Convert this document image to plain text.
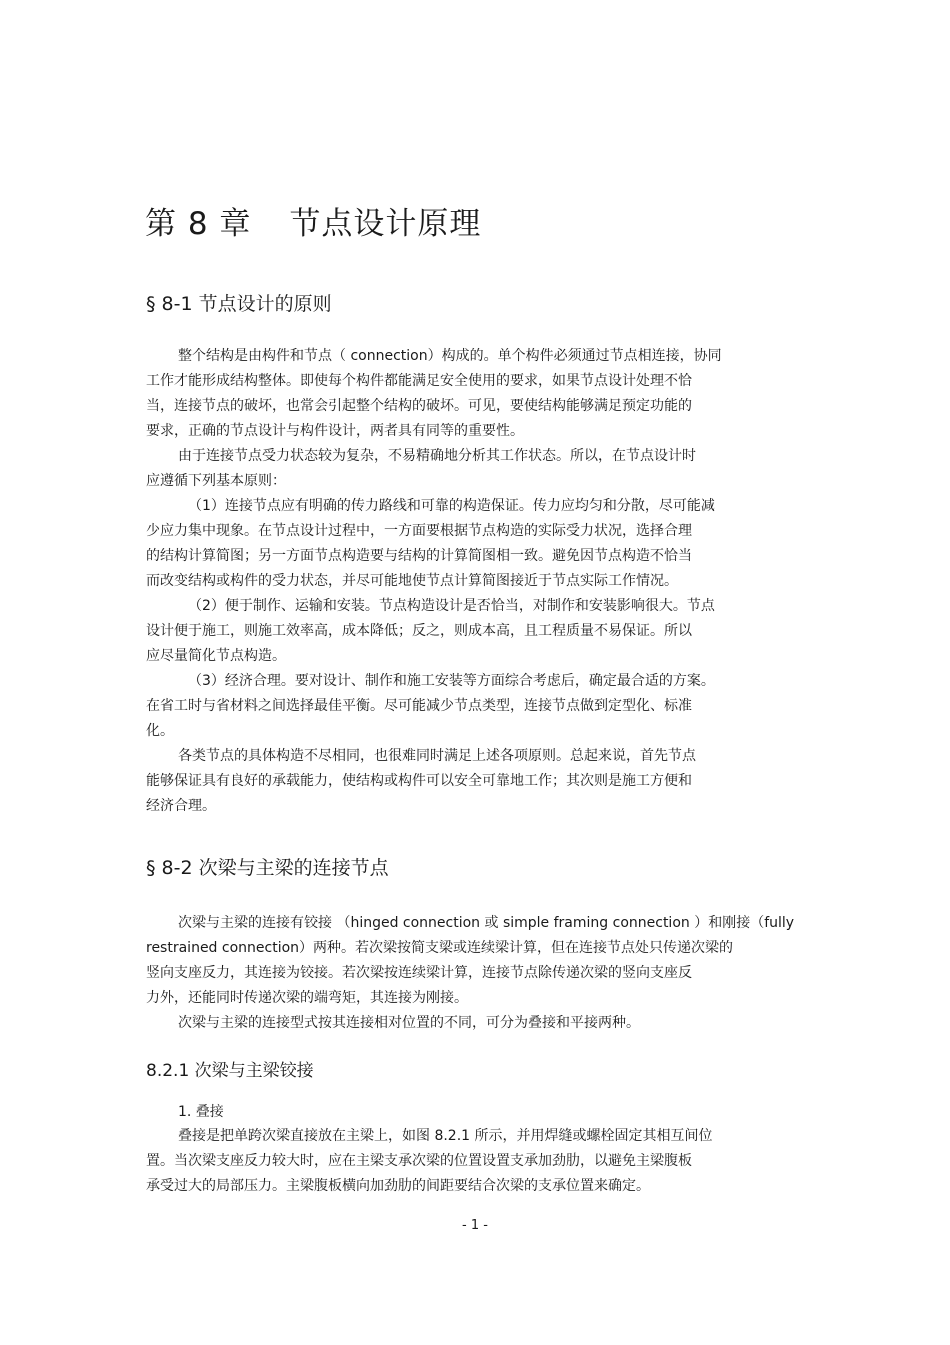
第 8 章 节点设计原理
§ 8-1 节点设计的原则
整个结构是由构件和节点（ connection）构成的。单个构件必须通过节点相连接，协同
工作才能形成结构整体。即使每个构件都能满足安全使用的要求，如果节点设计处理不恰
当，连接节点的破坏，也常会引起整个结构的破坏。可见，要使结构能够满足预定功能的
要求，正确的节点设计与构件设计，两者具有同等的重要性。
由于连接节点受力状态较为复杂，不易精确地分析其工作状态。所以，在节点设计时
应遵循下列基本原则：
（1）连接节点应有明确的传力路线和可靠的构造保证。传力应均匀和分散，尽可能减
少应力集中现象。在节点设计过程中，一方面要根据节点构造的实际受力状况，选择合理
的结构计算简图；另一方面节点构造要与结构的计算简图相一致。避免因节点构造不恰当
而改变结构或构件的受力状态，并尽可能地使节点计算简图接近于节点实际工作情况。
（2）便于制作、运输和安装。节点构造设计是否恰当，对制作和安装影响很大。节点
设计便于施工，则施工效率高，成本降低；反之，则成本高，且工程质量不易保证。所以
应尽量简化节点构造。
（3）经济合理。要对设计、制作和施工安装等方面综合考虑后，确定最合适的方案。
在省工时与省材料之间选择最佳平衡。尽可能减少节点类型，连接节点做到定型化、标准
化。
各类节点的具体构造不尽相同，也很难同时满足上述各项原则。总起来说，首先节点
能够保证具有良好的承载能力，使结构或构件可以安全可靠地工作；其次则是施工方便和
经济合理。
§ 8-2 次梁与主梁的连接节点
次梁与主梁的连接有铰接 （hinged connection 或 simple framing connection ）和刚接（fully
restrained connection）两种。若次梁按简支梁或连续梁计算，但在连接节点处只传递次梁的
竖向支座反力，其连接为铰接。若次梁按连续梁计算，连接节点除传递次梁的竖向支座反
力外，还能同时传递次梁的端弯矩，其连接为刚接。
次梁与主梁的连接型式按其连接相对位置的不同，可分为叠接和平接两种。
8.2.1 次梁与主梁铰接
1. 叠接
叠接是把单跨次梁直接放在主梁上，如图 8.2.1 所示，并用焊缝或螺栓固定其相互间位
置。当次梁支座反力较大时，应在主梁支承次梁的位置设置支承加劲肋，以避免主梁腹板
承受过大的局部压力。主梁腹板横向加劲肋的间距要结合次梁的支承位置来确定。
- 1 -
